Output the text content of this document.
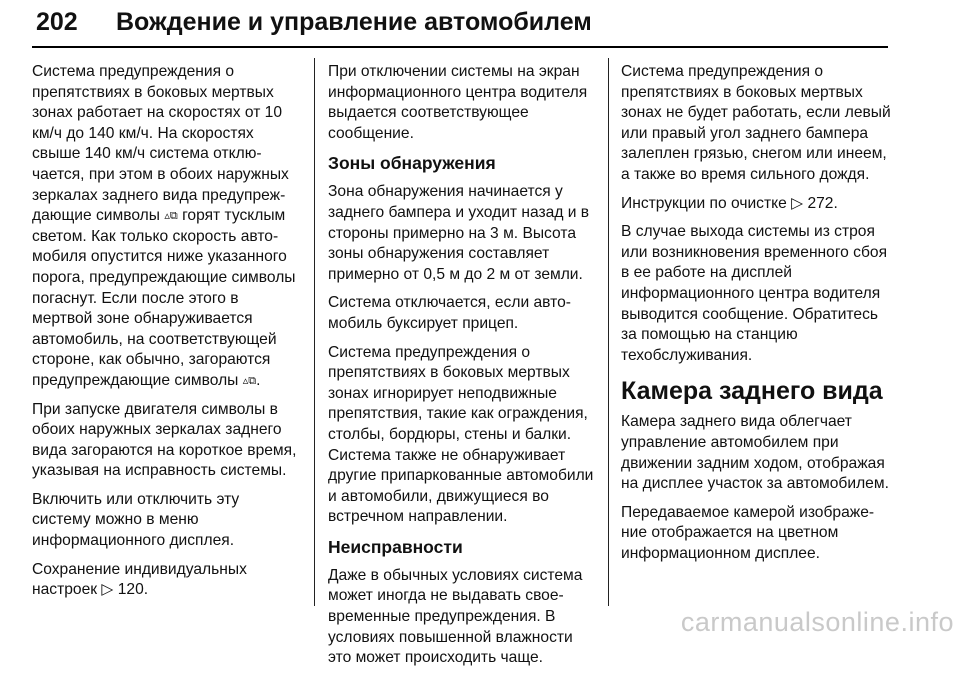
202 Вождение и управление автомобилем

Система предупреждения о препятствиях в боковых мертвых зонах работает на скоростях от 10 км/ч до 140 км/ч. На скоростях свыше 140 км/ч система отключается, при этом в обоих наружных зеркалах заднего вида предупреждающие символы ▵⧉ горят тусклым светом. Как только скорость автомобиля опустится ниже указанного порога, предупреждающие символы погаснут. Если после этого в мертвой зоне обнаруживается автомобиль, на соответствующей стороне, как обычно, загораются предупреждающие символы ▵⧉.

При запуске двигателя символы в обоих наружных зеркалах заднего вида загораются на короткое время, указывая на исправность системы.

Включить или отключить эту систему можно в меню информационного дисплея.

Сохранение индивидуальных настроек ▷ 120.

При отключении системы на экран информационного центра водителя выдается соответствующее сообщение.

Зоны обнаружения

Зона обнаружения начинается у заднего бампера и уходит назад и в стороны примерно на 3 м. Высота зоны обнаружения составляет примерно от 0,5 м до 2 м от земли.

Система отключается, если автомобиль буксирует прицеп.

Система предупреждения о препятствиях в боковых мертвых зонах игнорирует неподвижные препятствия, такие как ограждения, столбы, бордюры, стены и балки. Система также не обнаруживает другие припаркованные автомобили и автомобили, движущиеся во встречном направлении.

Неисправности

Даже в обычных условиях система может иногда не выдавать своевременные предупреждения. В условиях повышенной влажности это может происходить чаще.

Система предупреждения о препятствиях в боковых мертвых зонах не будет работать, если левый или правый угол заднего бампера залеплен грязью, снегом или инеем, а также во время сильного дождя.

Инструкции по очистке ▷ 272.

В случае выхода системы из строя или возникновения временного сбоя в ее работе на дисплей информационного центра водителя выводится сообщение. Обратитесь за помощью на станцию техобслуживания.

Камера заднего вида

Камера заднего вида облегчает управление автомобилем при движении задним ходом, отображая на дисплее участок за автомобилем.

Передаваемое камерой изображение отображается на цветном информационном дисплее.

carmanualsonline.info
